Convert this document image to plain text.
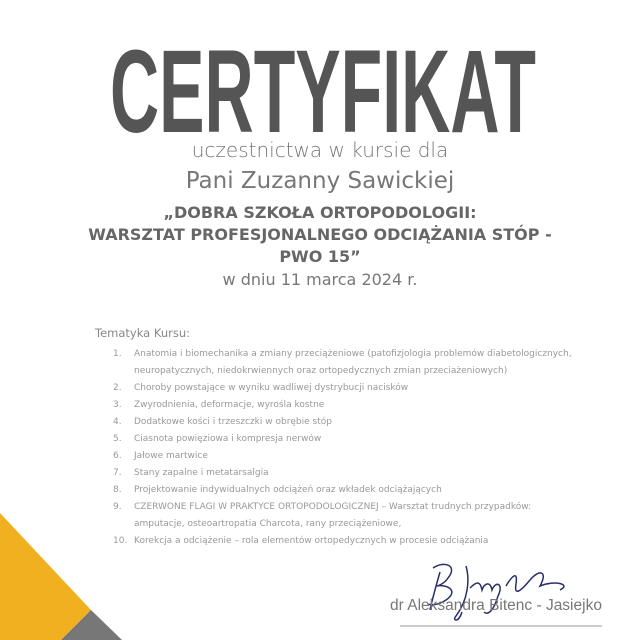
CERTYFIKAT
uczestnictwa w kursie dla
Pani Zuzanny Sawickiej
„DOBRA SZKOŁA ORTOPODOLOGII:
WARSZTAT PROFESJONALNEGO ODCIĄŻANIA STÓP -
PWO 15”
w dniu 11 marca 2024 r.
Tematyka Kursu:
1.	Anatomia i biomechanika a zmiany przeciążeniowe (patofizjologia problemów diabetologicznych, neuropatycznych, niedokrwiennych oraz ortopedycznych zmian przeciażeniowych)
2.	Choroby powstające w wyniku wadliwej dystrybucji nacisków
3.	Zwyrodnienia, deformacje, wyrośla kostne
4.	Dodatkowe kości i trzeszczki w obrębie stóp
5.	Ciasnota powięziowa i kompresja nerwów
6.	Jałowe martwice
7.	Stany zapalne i metatarsalgia
8.	Projektowanie indywidualnych odciążeń oraz wkładek odciążających
9.	CZERWONE FLAGI W PRAKTYCE ORTOPODOLOGICZNEJ – Warsztat trudnych przypadków: amputacje, osteoartropatia Charcota, rany przeciążeniowe,
10. Korekcja a odciążenie – rola elementów ortopedycznych w procesie odciążania
dr Aleksandra Bitenc - Jasiejko
